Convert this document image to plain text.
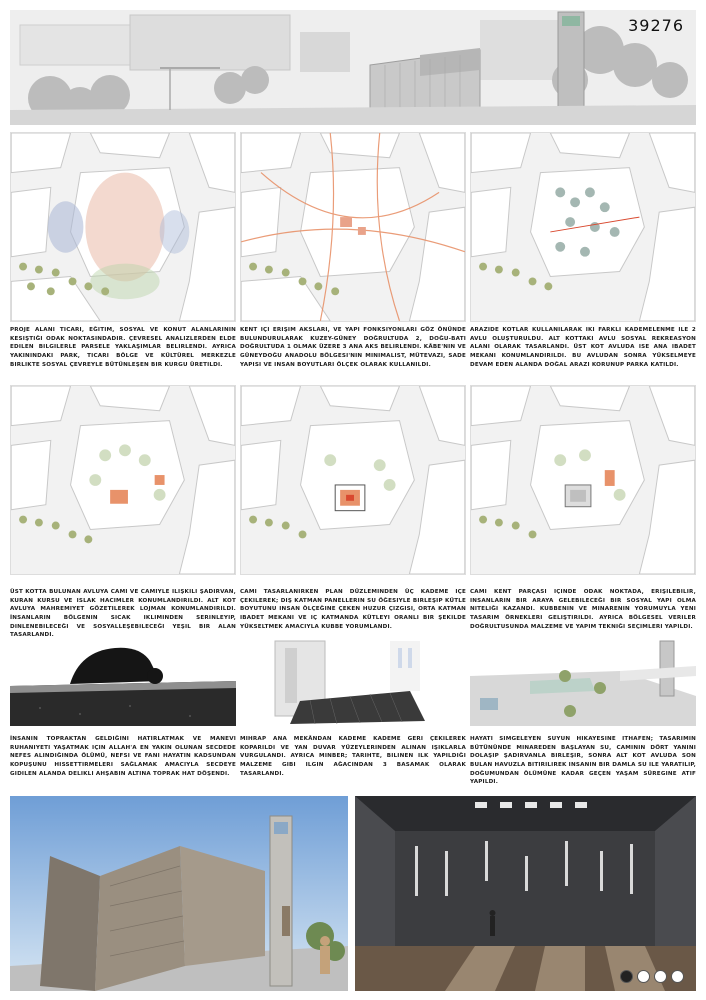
39276
PROJE ALANI TICARI, EĞITIM, SOSYAL VE KONUT ALANLARININ KESIŞTIĞI ODAK NOKTASINDADIR. ÇEVRESEL ANALIZLERDEN ELDE EDILEN BILGILERLE PARSELE YAKLAŞIMLAR BELIRLENDI. AYRICA YAKININDAKI PARK, TICARI BÖLGE VE KÜLTÜREL MERKEZLE BIRLIKTE SOSYAL ÇEVREYLE BÜTÜNLEŞEN BIR KURGU ÜRETILDI.
KENT IÇI ERIŞIM AKSLARI, VE YAPI FONKSIYONLARI GÖZ ÖNÜNDE BULUNDURULARAK KUZEY-GÜNEY DOĞRULTUDA 2, DOĞU-BATI DOĞRULTUDA 1 OLMAK ÜZERE 3 ANA AKS BELIRLENDI. KÂBE'NIN VE GÜNEYDOĞU ANADOLU BÖLGESI'NIN MINIMALIST, MÜTEVAZI, SADE YAPISI VE INSAN BOYUTLARI ÖLÇEK OLARAK KULLANILDI.
ARAZIDE KOTLAR KULLANILARAK IKI FARKLI KADEMELENME ILE 2 AVLU OLUŞTURULDU. ALT KOTTAKI AVLU SOSYAL REKREASYON ALANI OLARAK TASARLANDI. ÜST KOT AVLUDA ISE ANA IBADET MEKANI KONUMLANDIRILDI. BU AVLUDAN SONRA YÜKSELMEYE DEVAM EDEN ALANDA DOĞAL ARAZI KORUNUP PARKA KATILDI.
ÜST KOTTA BULUNAN AVLUYA CAMI VE CAMIYLE ILIŞKILI ŞADIRVAN, KURAN KURSU VE ISLAK HACIMLER KONUMLANDIRILDI. ALT KOT AVLUYA MAHREMIYET GÖZETILEREK LOJMAN KONUMLANDIRILDI. İNSANLARIN BÖLGENIN SICAK IKLIMINDEN SERINLEYIP, DINLENEBILECEĞI VE SOSYALLEŞEBILECEĞI YEŞIL BIR ALAN
CAMI TASARLANIRKEN PLAN DÜZLEMINDEN ÜÇ KADEME IÇE ÇEKILEREK; DIŞ KATMAN PANELLERIN SU ÖĞESIYLE BIRLEŞIP KÜTLE BOYUTUNU INSAN ÖLÇEĞINE ÇEKEN HUZUR ÇIZGISI, ORTA KATMAN IBADET MEKANI VE IÇ KATMANDA KÜTLEYI ORANLI BIR ŞEKILDE YÜKSELTMEK AMACIYLA KUBBE YORUMLANDI.
CAMI KENT PARÇASI IÇINDE ODAK NOKTADA, ERIŞILEBILIR, INSANLARIN BIR ARAYA GELEBILECEĞI BIR SOSYAL YAPI OLMA NITELIĞI KAZANDI. KUBBENIN VE MINARENIN YORUMUYLA YENI TASARIM ÖRNEKLERI GELIŞTIRILDI. AYRICA BÖLGESEL VERILER DOĞRULTUSUNDA MALZEME VE YAPIM TEKNIĞI SEÇIMLERI YAPILDI.
İNSANIN TOPRAKTAN GELDIĞINI HATIRLATMAK VE MANEVI RUHANIYETI YAŞATMAK IÇIN ALLAH'A EN YAKIN OLUNAN SECDEDE NEFES ALINDIĞINDA ÖLÜMÜ, NEFSI VE FANI HAYATIN KADSUNDAN KOPUŞUNU HISSETTIRMELERI SAĞLAMAK AMACIYLA SECDEYE GIDILEN ALANDA DELIKLI AHŞABIN ALTINA TOPRAK HAT DÖŞENDI.
MIHRAP ANA MEKÂNDAN KADEME KADEME GERI ÇEKILEREK KOPARILDI VE YAN DUVAR YÜZEYLERINDEN ALINAN IŞIKLARLA VURGULANDI. AYRICA MINBER; TARIHTE, BILINEN ILK YAPILDIĞI MALZEME GIBI ILGIN AĞACINDAN 3 BASAMAK OLARAK TASARLANDI.
HAYATI SIMGELEYEN SUYUN HIKAYESINE ITHAFEN; TASARIMIN BÜTÜNÜNDE MINAREDEN BAŞLAYAN SU, CAMININ DÖRT YANINI DOLAŞIP ŞADIRVANLA BIRLEŞIR, SONRA ALT KOT AVLUDA SON BULAN HAVUZLA BITIRILIREK INSANIN BIR DAMLA SU ILE YARATILIP, DOĞUMUNDAN ÖLÜMÜNE KADAR GEÇEN YAŞAM SÜREGINE ATIF YAPILDI.
